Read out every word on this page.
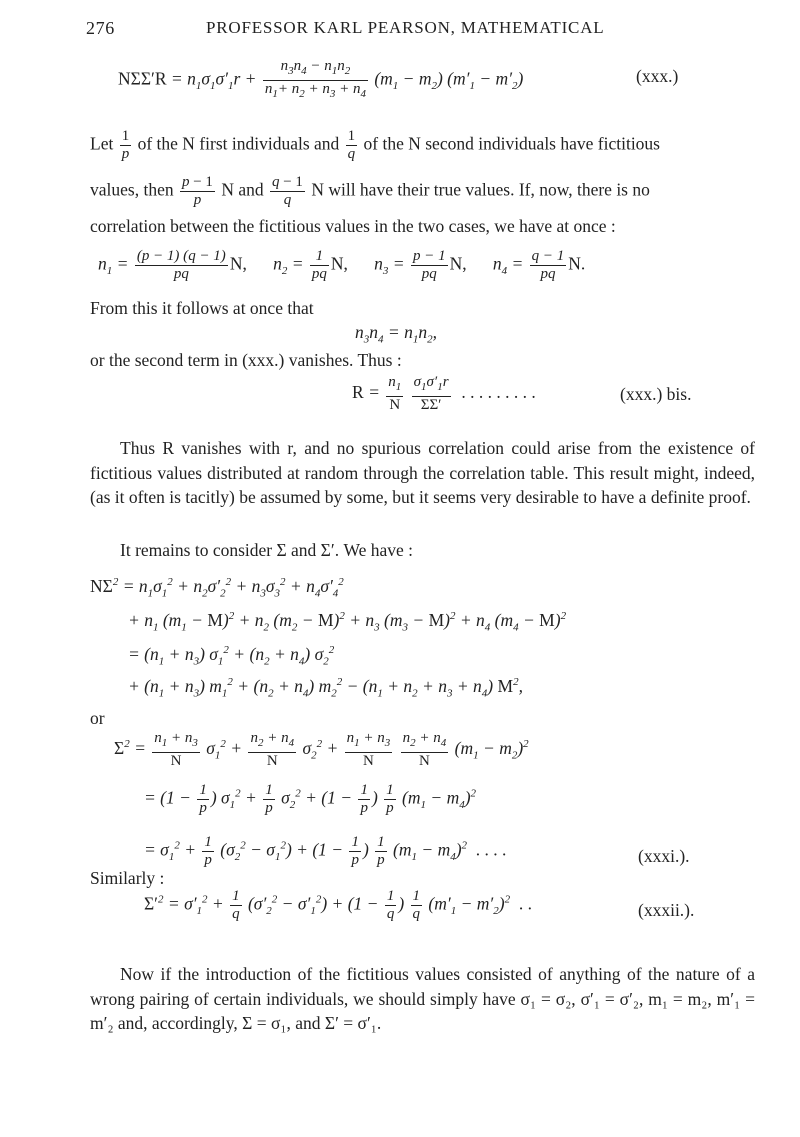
276	PROFESSOR KARL PEARSON, MATHEMATICAL
$N\Sigma\Sigma'R = n_1\sigma_1\sigma'_1r + \frac{n_3n_4 - n_1n_2}{n_1+ n_2 + n_3 + n_4} (m_1 - m_2) (m'_1 - m'_2)$	(xxx.)
Let $\frac{1}{p}$ of the N first individuals and $\frac{1}{q}$ of the N second individuals have fictitious
values, then $\frac{p - 1}{p}$ N and $\frac{q - 1}{q}$ N will have their true values. If, now, there is no
correlation between the fictitious values in the two cases, we have at once :
$n_1 = \frac{(p - 1) (q - 1)}{pq} N$, $n_2 = \frac{1}{pq} N$, $n_3 = \frac{p - 1}{pq} N$, $n_4 = \frac{q - 1}{pq} N$.
From this it follows at once that
$n_3n_4 = n_1n_2$,
or the second term in (xxx.) vanishes. Thus :
$R = \frac{n_1}{N}$
$\frac{\sigma_1\sigma'_1r}{\Sigma\Sigma'}$ . . . . . . . . .	(xxx.) bis.
Thus R vanishes with r, and no spurious correlation could arise from the existence of fictitious values distributed at random through the correlation table. This result might, indeed, (as it often is tacitly) be assumed by some, but it seems very desirable to have a definite proof.
It remains to consider Σ and Σ′. We have :
$N\Sigma^2 = n_1\sigma_1^2 + n_2\sigma'_2^2 + n_3\sigma_3^2 + n_4\sigma'_4^2$
+ $n_1$ $(m_1 - M)^2 + n_2$ $(m_2 - M)^2 + n_3$ $(m_3 - M)^2 + n_4$ $(m_4 - M)^2$
= $(n_1 + n_3) \sigma_1^2 + (n_2 + n_4)$ $\sigma_2^2$
+ $(n_1 + n_3) m_1^2 + (n_2 + n_4) m_2^2 - (n_1 + n_2 + n_3 + n_4)$ $M^2$,
or
$\Sigma^2 = \frac{n_1 + n_3}{N} \sigma_1^2 + \frac{n_2 + n_4}{N} \sigma_2^2 + \frac{n_1 + n_3}{N}$
$\frac{n_2 + n_4}{N} (m_1 - m_2)^2$
= ($1 - \frac{1}{p}$ ) $\sigma_1^2 + \frac{1}{p} \sigma_2^2 + (1 - \frac{1}{p}$ ) $\frac{1}{p} (m_1 - m_4)^2$
= $\sigma_1^2 + \frac{1}{p} (\sigma_2^2 - \sigma_1^2) + (1 - \frac{1}{p}$ ) $\frac{1}{p} (m_1 - m_4)^2$  . . . .	(xxxi.).
Similarly :
$\Sigma'^2 = \sigma'_1^2 + \frac{1}{q} (\sigma'_2^2 - \sigma'_1^2) + (1 - \frac{1}{q}$ ) $\frac{1}{q} (m'_1 - m'_2)^2$  . .	(xxxii.).
Now if the introduction of the fictitious values consisted of anything of the nature of a wrong pairing of certain individuals, we should simply have σ₁ = σ₂, σ′₁ = σ′₂, m₁ = m₂, m′₁ = m′₂ and, accordingly, Σ = σ₁, and Σ′ = σ′₁.
